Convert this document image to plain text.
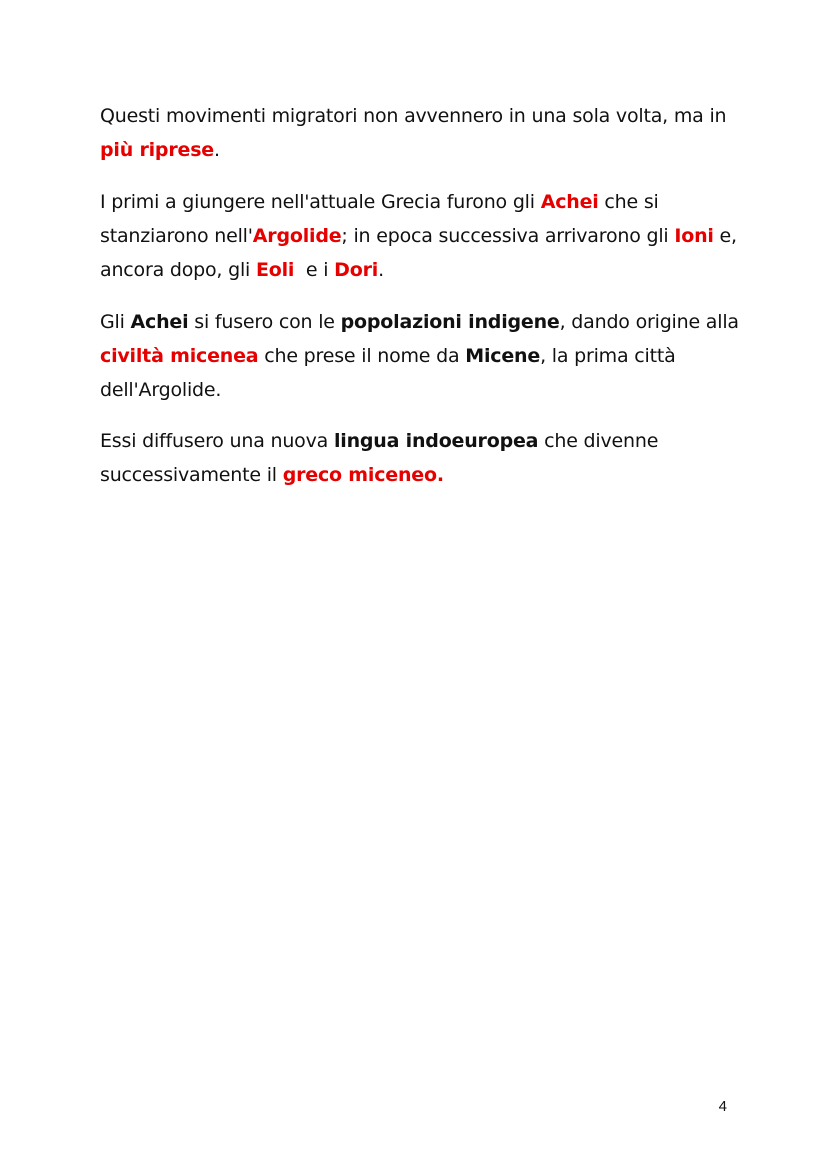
Questi movimenti migratori non avvennero in una sola volta, ma in più riprese.

I primi a giungere nell'attuale Grecia furono gli Achei che si stanziarono nell'Argolide; in epoca successiva arrivarono gli Ioni e, ancora dopo, gli Eoli  e i Dori.

Gli Achei si fusero con le popolazioni indigene, dando origine alla civiltà micenea che prese il nome da Micene, la prima città dell'Argolide.

Essi diffusero una nuova lingua indoeuropea che divenne successivamente il greco miceneo.

4
